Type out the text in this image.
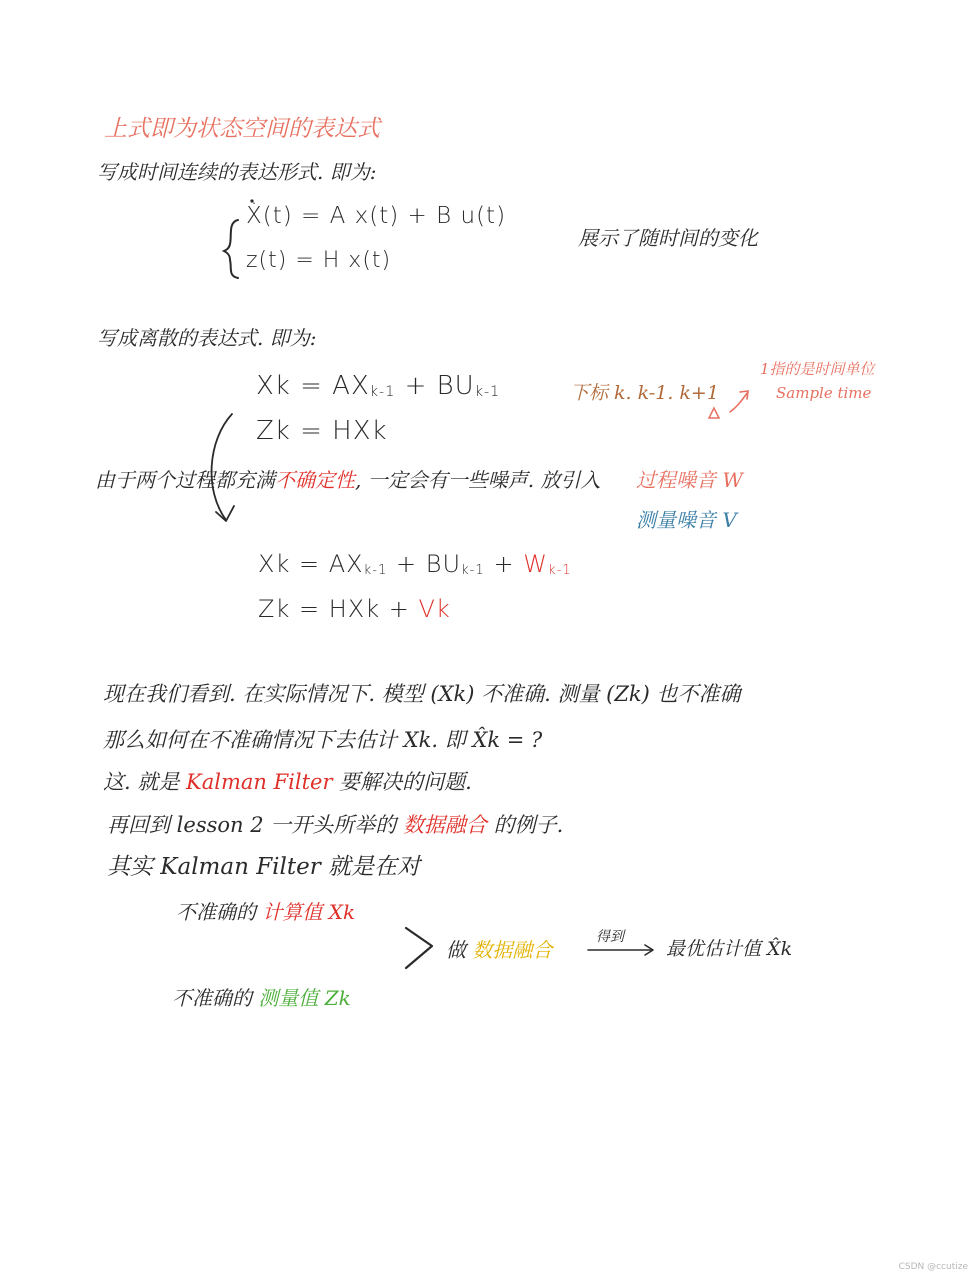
上式即为状态空间的表达式
写成时间连续的表达形式. 即为:
Ẋ(t) = A x(t) + B u(t)
z(t) = H x(t)
展示了随时间的变化
写成离散的表达式. 即为:
Xk = AXk-1 + BUk-1
Zk = HXk
下标 k. k-1. k+1
1指的是时间单位
Sample time
由于两个过程都充满不确定性, 一定会有一些噪声. 放引入 过程噪音 W
测量噪音 V
Xk = AXk-1 + BUk-1 + Wk-1
Zk = HXk + Vk
现在我们看到. 在实际情况下. 模型 (Xk) 不准确. 测量 (Zk) 也不准确
那么如何在不准确情况下去估计 Xk. 即 X̂k = ?
这. 就是 Kalman Filter 要解决的问题.
再回到 lesson 2 一开头所举的 数据融合 的例子.
其实 Kalman Filter 就是在对
不准确的 计算值 Xk
不准确的 测量值 Zk
做 数据融合
得到
最优估计值 X̂k
CSDN @ccutize
